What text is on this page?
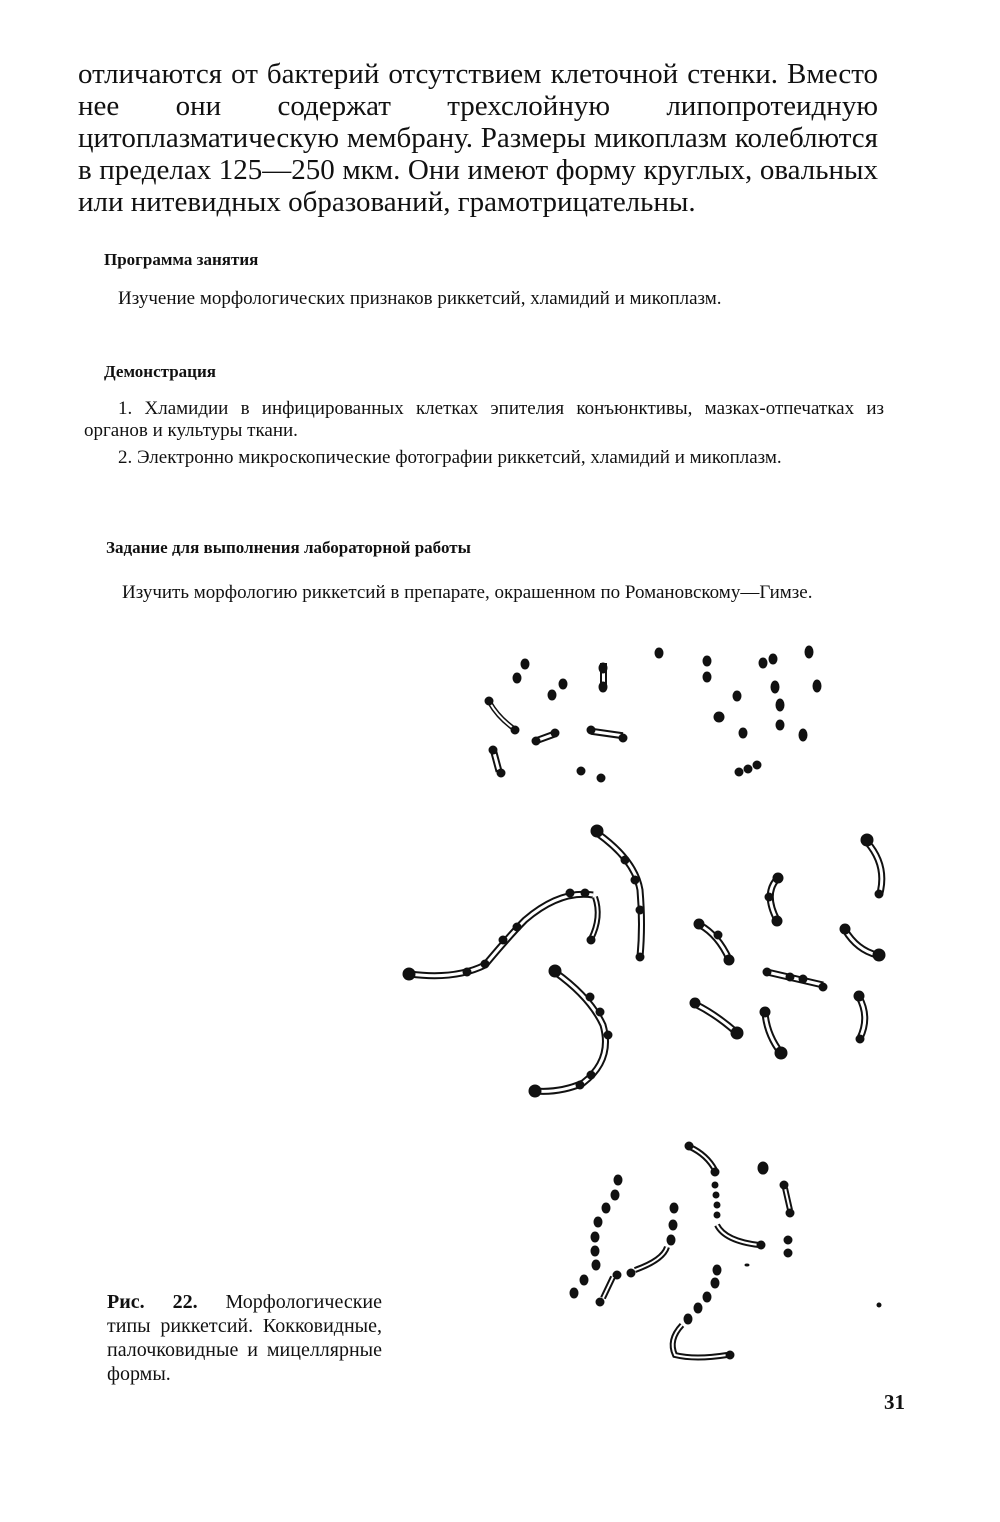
отличаются от бактерий отсутствием клеточной стенки. Вместо нее они содержат трехслойную липопротеидную цитоплазматическую мембрану. Размеры микоплазм колеблются в пределах 125—250 мкм. Они имеют форму круглых, овальных или нитевидных образований, грамотрицательны.

Программа занятия

Изучение морфологических признаков риккетсий, хламидий и микоплазм.

Демонстрация

1. Хламидии в инфицированных клетках эпителия конъюнктивы, мазках-отпечатках из органов и культуры ткани.

2. Электронно микроскопические фотографии риккетсий, хламидий и микоплазм.

Задание для выполнения лабораторной работы

Изучить морфологию риккетсий в препарате, окрашенном по Романовскому—Гимзе.

Рис. 22. Морфологические типы риккетсий. Кокковидные, палочковидные и мицеллярные формы.

31
